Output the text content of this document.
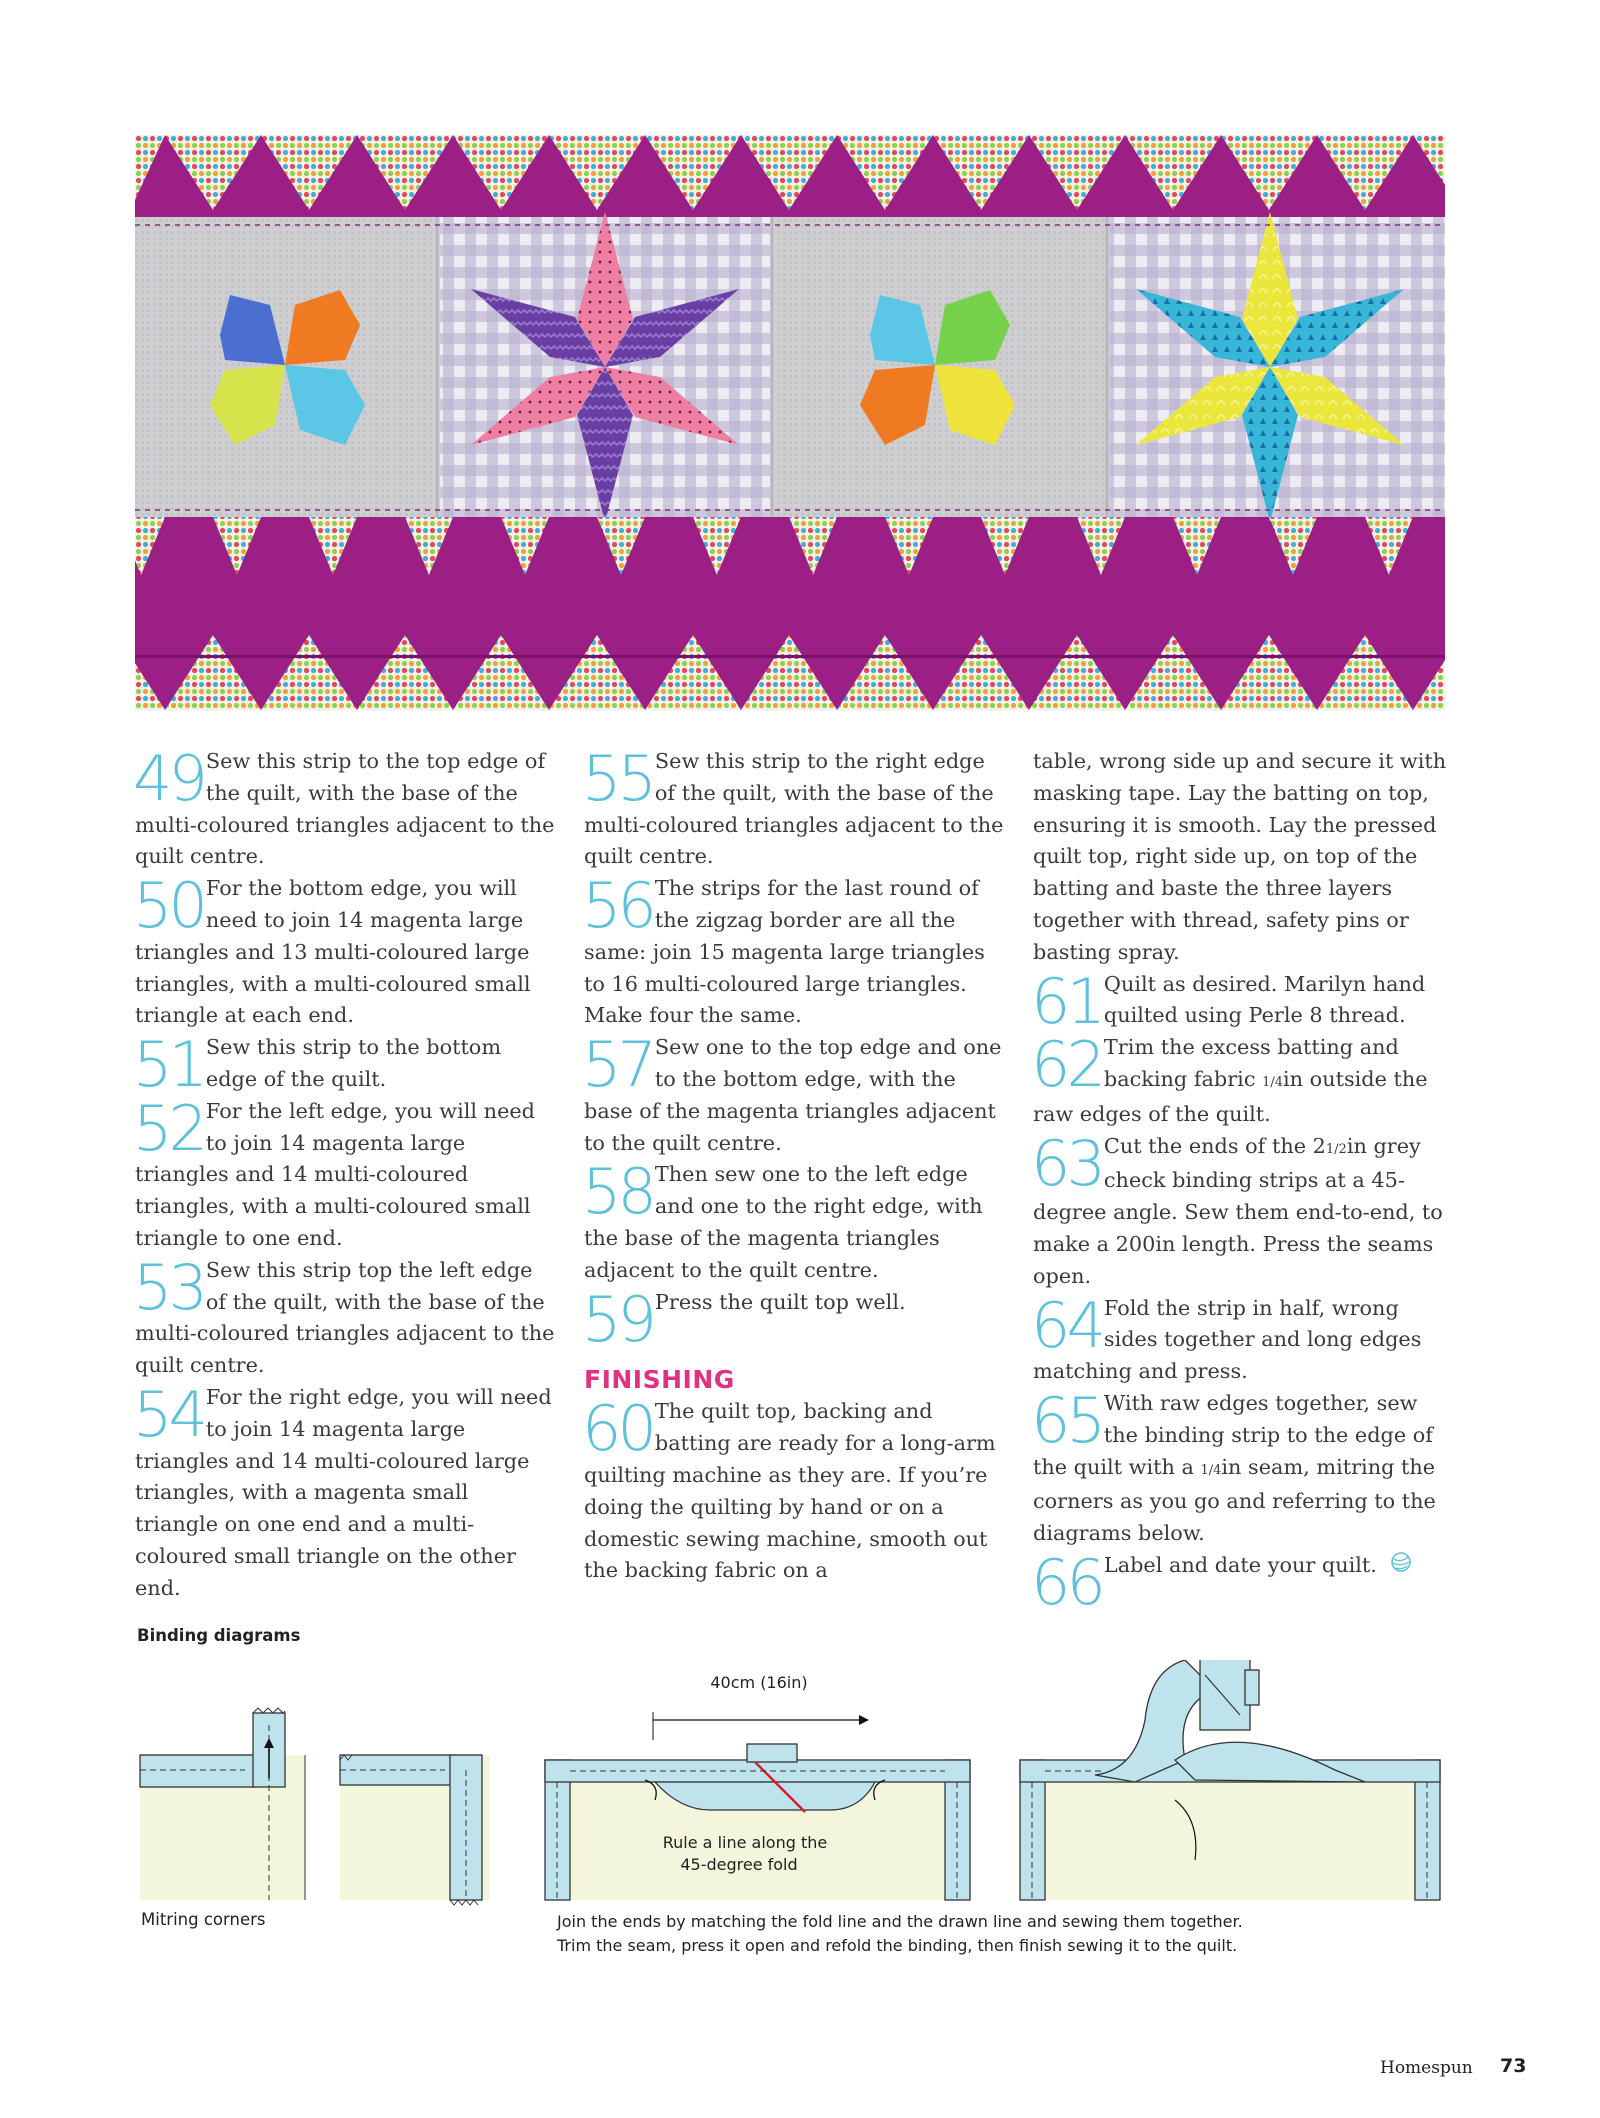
49 Sew this strip to the top edge of the quilt, with the base of the multi-coloured triangles adjacent to the quilt centre.

50 For the bottom edge, you will need to join 14 magenta large triangles and 13 multi-coloured large triangles, with a multi-coloured small triangle at each end.

51 Sew this strip to the bottom edge of the quilt.

52 For the left edge, you will need to join 14 magenta large triangles and 14 multi-coloured triangles, with a multi-coloured small triangle to one end.

53 Sew this strip top the left edge of the quilt, with the base of the multi-coloured triangles adjacent to the quilt centre.

54 For the right edge, you will need to join 14 magenta large triangles and 14 multi-coloured large triangles, with a magenta small triangle on one end and a multi-coloured small triangle on the other end.

55 Sew this strip to the right edge of the quilt, with the base of the multi-coloured triangles adjacent to the quilt centre.

56 The strips for the last round of the zigzag border are all the same: join 15 magenta large triangles to 16 multi-coloured large triangles. Make four the same.

57 Sew one to the top edge and one to the bottom edge, with the base of the magenta triangles adjacent to the quilt centre.

58 Then sew one to the left edge and one to the right edge, with the base of the magenta triangles adjacent to the quilt centre.

59 Press the quilt top well.

FINISHING

60 The quilt top, backing and batting are ready for a long-arm quilting machine as they are. If you’re doing the quilting by hand or on a domestic sewing machine, smooth out the backing fabric on a

table, wrong side up and secure it with masking tape. Lay the batting on top, ensuring it is smooth. Lay the pressed quilt top, right side up, on top of the batting and baste the three layers together with thread, safety pins or basting spray.

61 Quilt as desired. Marilyn hand quilted using Perle 8 thread.

62 Trim the excess batting and backing fabric 1/4in outside the raw edges of the quilt.

63 Cut the ends of the 21/2in grey check binding strips at a 45-degree angle. Sew them end-to-end, to make a 200in length. Press the seams open.

64 Fold the strip in half, wrong sides together and long edges matching and press.

65 With raw edges together, sew the binding strip to the edge of the quilt with a 1/4in seam, mitring the corners as you go and referring to the diagrams below.

66 Label and date your quilt.

Binding diagrams
40cm (16in)
Rule a line along the
45-degree fold
Mitring corners	Join the ends by matching the fold line and the drawn line and sewing them together.
Trim the seam, press it open and refold the binding, then finish sewing it to the quilt.
Homespun 73
